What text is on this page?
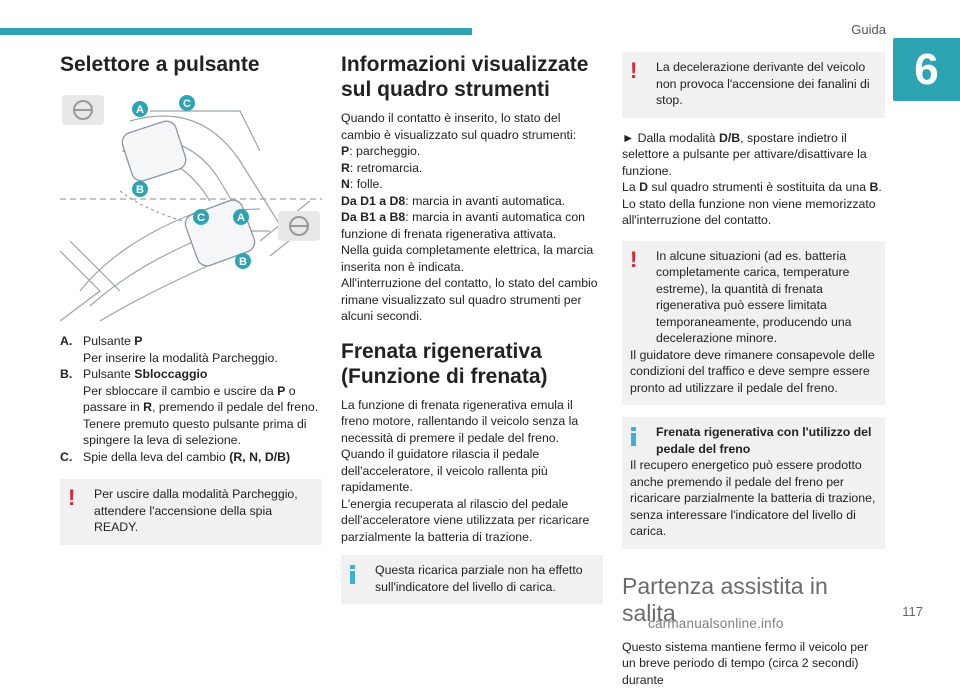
Guida
6
Selettore a pulsante
A	C
B
C	A
B
A. Pulsante P
Per inserire la modalità Parcheggio.
B. Pulsante Sbloccaggio
Per sbloccare il cambio e uscire da P o passare in R, premendo il pedale del freno.
Tenere premuto questo pulsante prima di spingere la leva di selezione.
C. Spie della leva del cambio (R, N, D/B)
!	Per uscire dalla modalità Parcheggio, attendere l'accensione della spia READY.
Informazioni visualizzate sul quadro strumenti

Quando il contatto è inserito, lo stato del cambio è visualizzato sul quadro strumenti:

P: parcheggio.
R: retromarcia.
N: folle.
Da D1 a D8: marcia in avanti automatica.
Da B1 a B8: marcia in avanti automatica con funzione di frenata rigenerativa attivata.

Nella guida completamente elettrica, la marcia inserita non è indicata.

All'interruzione del contatto, lo stato del cambio rimane visualizzato sul quadro strumenti per alcuni secondi.

Frenata rigenerativa (Funzione di frenata)

La funzione di frenata rigenerativa emula il freno motore, rallentando il veicolo senza la necessità di premere il pedale del freno. Quando il guidatore rilascia il pedale dell'acceleratore, il veicolo rallenta più rapidamente.

L'energia recuperata al rilascio del pedale dell'acceleratore viene utilizzata per ricaricare parzialmente la batteria di trazione.

Questa ricarica parziale non ha effetto sull'indicatore del livello di carica.
!	La decelerazione derivante del veicolo non provoca l'accensione dei fanalini di stop.

► Dalla modalità D/B, spostare indietro il selettore a pulsante per attivare/disattivare la funzione.

La D sul quadro strumenti è sostituita da una B.

Lo stato della funzione non viene memorizzato all'interruzione del contatto.

!	In alcune situazioni (ad es. batteria completamente carica, temperature estreme), la quantità di frenata rigenerativa può essere limitata temporaneamente, producendo una decelerazione minore.
Il guidatore deve rimanere consapevole delle condizioni del traffico e deve sempre essere pronto ad utilizzare il pedale del freno.
Frenata rigenerativa con l'utilizzo del pedale del freno
Il recupero energetico può essere prodotto anche premendo il pedale del freno per ricaricare parzialmente la batteria di trazione, senza interessare l'indicatore del livello di carica.
Partenza assistita in salita

Questo sistema mantiene fermo il veicolo per un breve periodo di tempo (circa 2 secondi) durante

carmanualsonline.info
117
